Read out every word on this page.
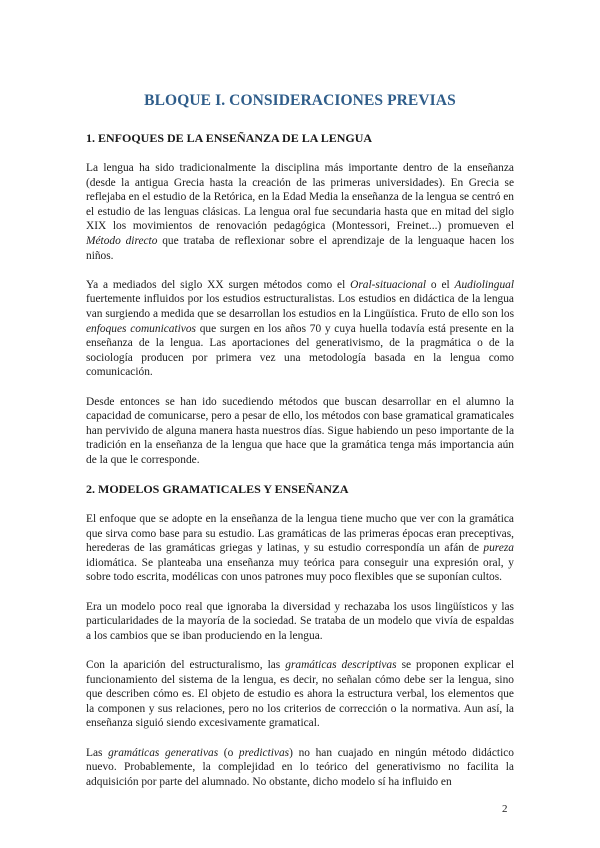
BLOQUE I. CONSIDERACIONES PREVIAS
1. ENFOQUES DE LA ENSEÑANZA DE LA LENGUA

La lengua ha sido tradicionalmente la disciplina más importante dentro de la enseñanza (desde la antigua Grecia hasta la creación de las primeras universidades). En Grecia se reflejaba en el estudio de la Retórica, en la Edad Media la enseñanza de la lengua se centró en el estudio de las lenguas clásicas. La lengua oral fue secundaria hasta que en mitad del siglo XIX los movimientos de renovación pedagógica (Montessori, Freinet...) promueven el Método directo que trataba de reflexionar sobre el aprendizaje de la lenguaque hacen los niños.

Ya a mediados del siglo XX surgen métodos como el Oral-situacional o el Audiolingual fuertemente influidos por los estudios estructuralistas. Los estudios en didáctica de la lengua van surgiendo a medida que se desarrollan los estudios en la Lingüística. Fruto de ello son los enfoques comunicativos que surgen en los años 70 y cuya huella todavía está presente en la enseñanza de la lengua. Las aportaciones del generativismo, de la pragmática o de la sociología producen por primera vez una metodología basada en la lengua como comunicación.

Desde entonces se han ido sucediendo métodos que buscan desarrollar en el alumno la capacidad de comunicarse, pero a pesar de ello, los métodos con base gramatical gramaticales han pervivido de alguna manera hasta nuestros días. Sigue habiendo un peso importante de la tradición en la enseñanza de la lengua que hace que la gramática tenga más importancia aún de la que le corresponde.

2. MODELOS GRAMATICALES Y ENSEÑANZA

El enfoque que se adopte en la enseñanza de la lengua tiene mucho que ver con la gramática que sirva como base para su estudio. Las gramáticas de las primeras épocas eran preceptivas, herederas de las gramáticas griegas y latinas, y su estudio correspondía un afán de pureza idiomática. Se planteaba una enseñanza muy teórica para conseguir una expresión oral, y sobre todo escrita, modélicas con unos patrones muy poco flexibles que se suponían cultos.

Era un modelo poco real que ignoraba la diversidad y rechazaba los usos lingüísticos y las particularidades de la mayoría de la sociedad. Se trataba de un modelo que vivía de espaldas a los cambios que se iban produciendo en la lengua.

Con la aparición del estructuralismo, las gramáticas descriptivas se proponen explicar el funcionamiento del sistema de la lengua, es decir, no señalan cómo debe ser la lengua, sino que describen cómo es. El objeto de estudio es ahora la estructura verbal, los elementos que la componen y sus relaciones, pero no los criterios de corrección o la normativa. Aun así, la enseñanza siguió siendo excesivamente gramatical.

Las gramáticas generativas (o predictivas) no han cuajado en ningún método didáctico nuevo. Probablemente, la complejidad en lo teórico del generativismo no facilita la adquisición por parte del alumnado. No obstante, dicho modelo sí ha influido en

2
